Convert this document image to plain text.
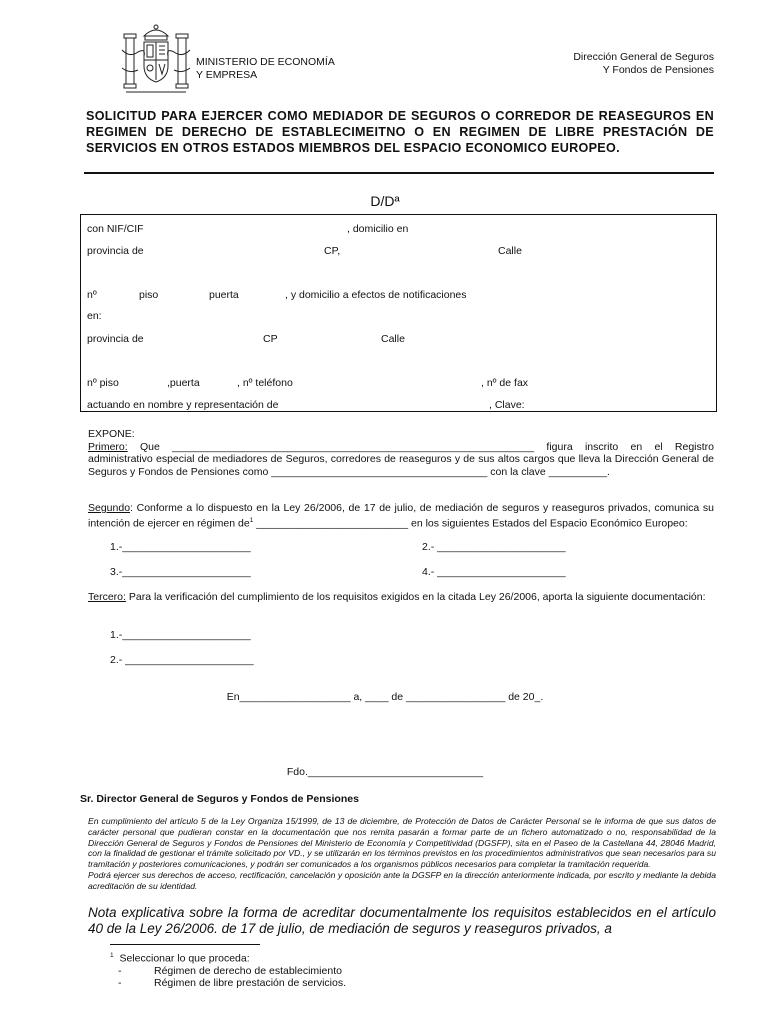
MINISTERIO DE ECONOMÍA
Y EMPRESA
Dirección General de Seguros
Y Fondos de Pensiones
SOLICITUD PARA EJERCER COMO MEDIADOR DE SEGUROS O CORREDOR DE REASEGUROS EN REGIMEN DE DERECHO DE ESTABLECIMEITNO O EN REGIMEN DE LIBRE PRESTACIÓN DE SERVICIOS EN OTROS ESTADOS MIEMBROS DEL ESPACIO ECONOMICO EUROPEO.
D/Dª
con NIF/CIF	, domicilio en
provincia de	CP,	Calle
nº	piso	puerta	, y domicilio a efectos de notificaciones
en:
provincia de	CP	Calle
nº piso	,puerta	, nº teléfono	, nº de fax
actuando en nombre y representación de	, Clave:
EXPONE:
Primero: Que ______________________________________________________________ figura inscrito en el Registro administrativo especial de mediadores de Seguros, corredores de reaseguros y de sus altos cargos que lleva la Dirección General de Seguros y Fondos de Pensiones como _____________________________________ con la clave __________.
Segundo: Conforme a lo dispuesto en la Ley 26/2006, de 17 de julio, de mediación de seguros y reaseguros privados, comunica su intención de ejercer en régimen $de^1$ __________________________ en los siguientes Estados del Espacio Económico Europeo:
1.-______________________	2.- ______________________
3.-______________________	4.- ______________________
Tercero: Para la verificación del cumplimiento de los requisitos exigidos en la citada Ley 26/2006, aporta la siguiente documentación:
1.-______________________
2.- ______________________
En___________________ a, ____ de _________________ de 20_.
Fdo.______________________________
Sr. Director General de Seguros y Fondos de Pensiones
En cumplimiento del artículo 5 de la Ley Organiza 15/1999, de 13 de diciembre, de Protección de Datos de Carácter Personal se le informa de que sus datos de carácter personal que pudieran constar en la documentación que nos remita pasarán a formar parte de un fichero automatizado o no, responsabilidad de la Dirección General de Seguros y Fondos de Pensiones del Ministerio de Economía y Competitividad (DGSFP), sita en el Paseo de la Castellana 44, 28046 Madrid, con la finalidad de gestionar el trámite solicitado por VD., y se utilizarán en los términos previstos en los procedimientos administrativos que sean necesarios para su tramitación y posteriores comunicaciones, y podrán ser comunicados a los organismos públicos necesarios para completar la tramitación requerida.
Podrá ejercer sus derechos de acceso, rectificación, cancelación y oposición ante la DGSFP en la dirección anteriormente indicada, por escrito y mediante la debida acreditación de su identidad.
Nota explicativa sobre la forma de acreditar documentalmente los requisitos establecidos en el artículo 40 de la Ley 26/2006. de 17 de julio, de mediación de seguros y reaseguros privados, a
$^1$ Seleccionar lo que proceda:
- Régimen de derecho de establecimiento
- Régimen de libre prestación de servicios.
